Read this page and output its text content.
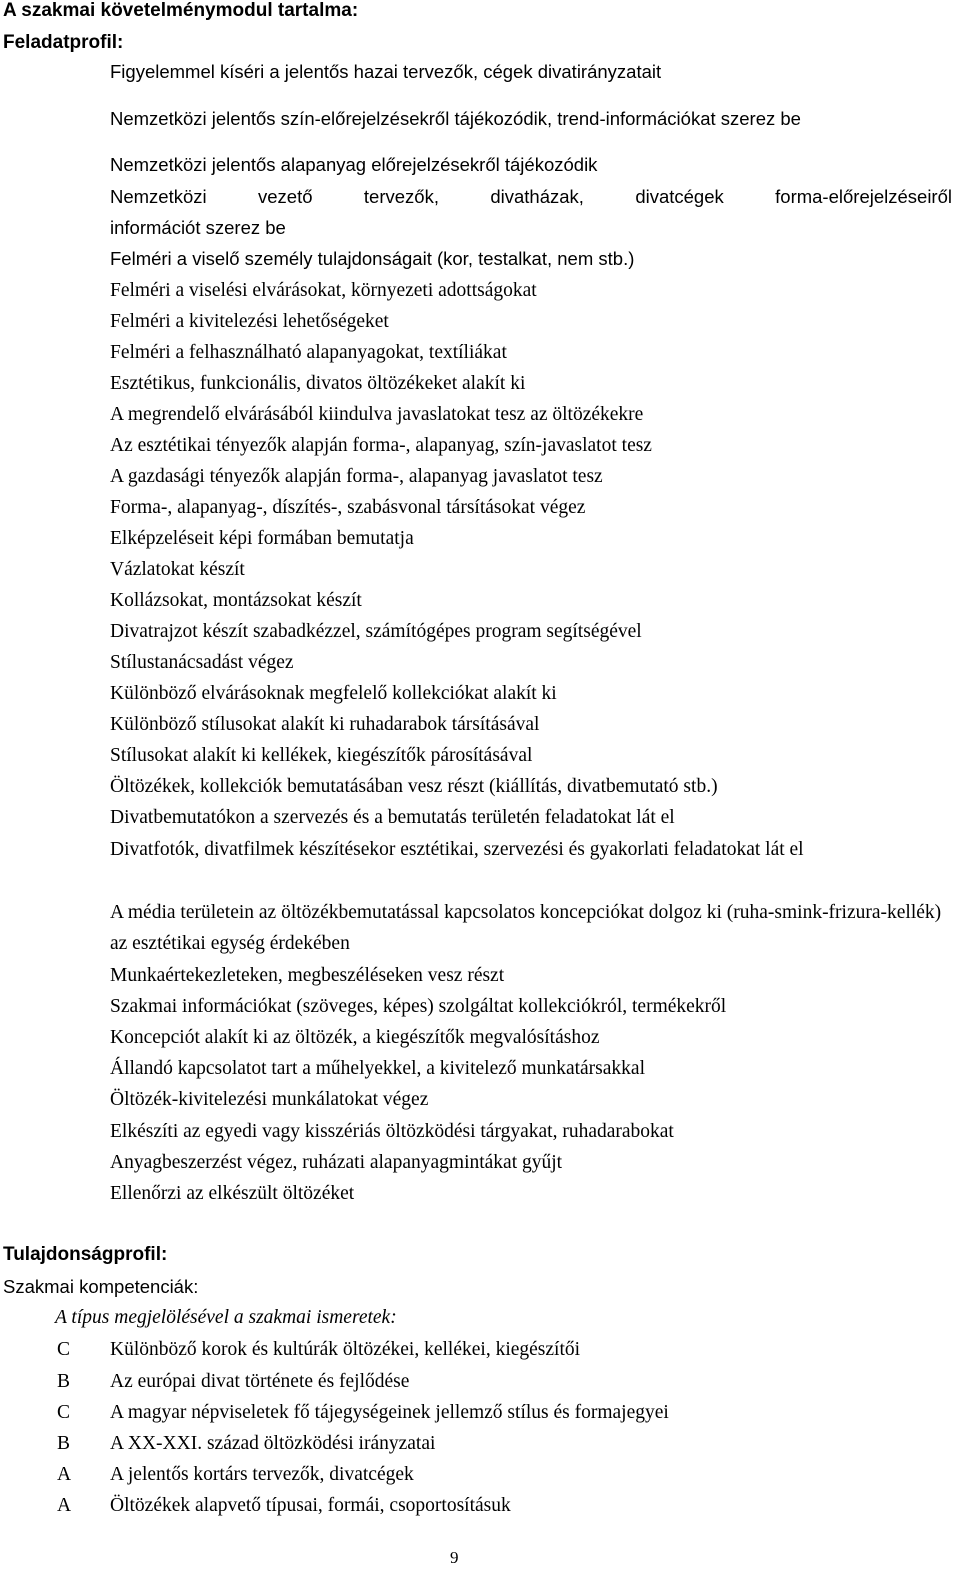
A szakmai követelménymodul tartalma:
Feladatprofil:
Figyelemmel kíséri a jelentős hazai tervezők, cégek divatirányzatait
Nemzetközi jelentős szín-előrejelzésekről tájékozódik, trend-információkat szerez be
Nemzetközi jelentős alapanyag előrejelzésekről tájékozódik
Nemzetközi vezető tervezők, divatházak, divatcégek forma-előrejelzéseiről
információt szerez be
Felméri a viselő személy tulajdonságait (kor, testalkat, nem stb.)
Felméri a viselési elvárásokat, környezeti adottságokat
Felméri a kivitelezési lehetőségeket
Felméri a felhasználható alapanyagokat, textíliákat
Esztétikus, funkcionális, divatos öltözékeket alakít ki
A megrendelő elvárásából kiindulva javaslatokat tesz az öltözékekre
Az esztétikai tényezők alapján forma-, alapanyag, szín-javaslatot tesz
A gazdasági tényezők alapján forma-, alapanyag javaslatot tesz
Forma-, alapanyag-, díszítés-, szabásvonal társításokat végez
Elképzeléseit képi formában bemutatja
Vázlatokat készít
Kollázsokat, montázsokat készít
Divatrajzot készít szabadkézzel, számítógépes program segítségével
Stílustanácsadást végez
Különböző elvárásoknak megfelelő kollekciókat alakít ki
Különböző stílusokat alakít ki ruhadarabok társításával
Stílusokat alakít ki kellékek, kiegészítők párosításával
Öltözékek, kollekciók bemutatásában vesz részt (kiállítás, divatbemutató stb.)
Divatbemutatókon a szervezés és a bemutatás területén feladatokat lát el
Divatfotók, divatfilmek készítésekor esztétikai, szervezési és gyakorlati feladatokat lát el
A média területein az öltözékbemutatással kapcsolatos koncepciókat dolgoz ki (ruha-smink-frizura-kellék) az esztétikai egység érdekében
Munkaértekezleteken, megbeszéléseken vesz részt
Szakmai információkat (szöveges, képes) szolgáltat kollekciókról, termékekről
Koncepciót alakít ki az öltözék, a kiegészítők megvalósításhoz
Állandó kapcsolatot tart a műhelyekkel, a kivitelező munkatársakkal
Öltözék-kivitelezési munkálatokat végez
Elkészíti az egyedi vagy kisszériás öltözködési tárgyakat, ruhadarabokat
Anyagbeszerzést végez, ruházati alapanyagmintákat gyűjt
Ellenőrzi az elkészült öltözéket
Tulajdonságprofil:
Szakmai kompetenciák:
A típus megjelölésével a szakmai ismeretek:
C Különböző korok és kultúrák öltözékei, kellékei, kiegészítői
B Az európai divat története és fejlődése
C A magyar népviseletek fő tájegységeinek jellemző stílus és formajegyei
B A XX-XXI. század öltözködési irányzatai
A A jelentős kortárs tervezők, divatcégek
A Öltözékek alapvető típusai, formái, csoportosításuk
9
